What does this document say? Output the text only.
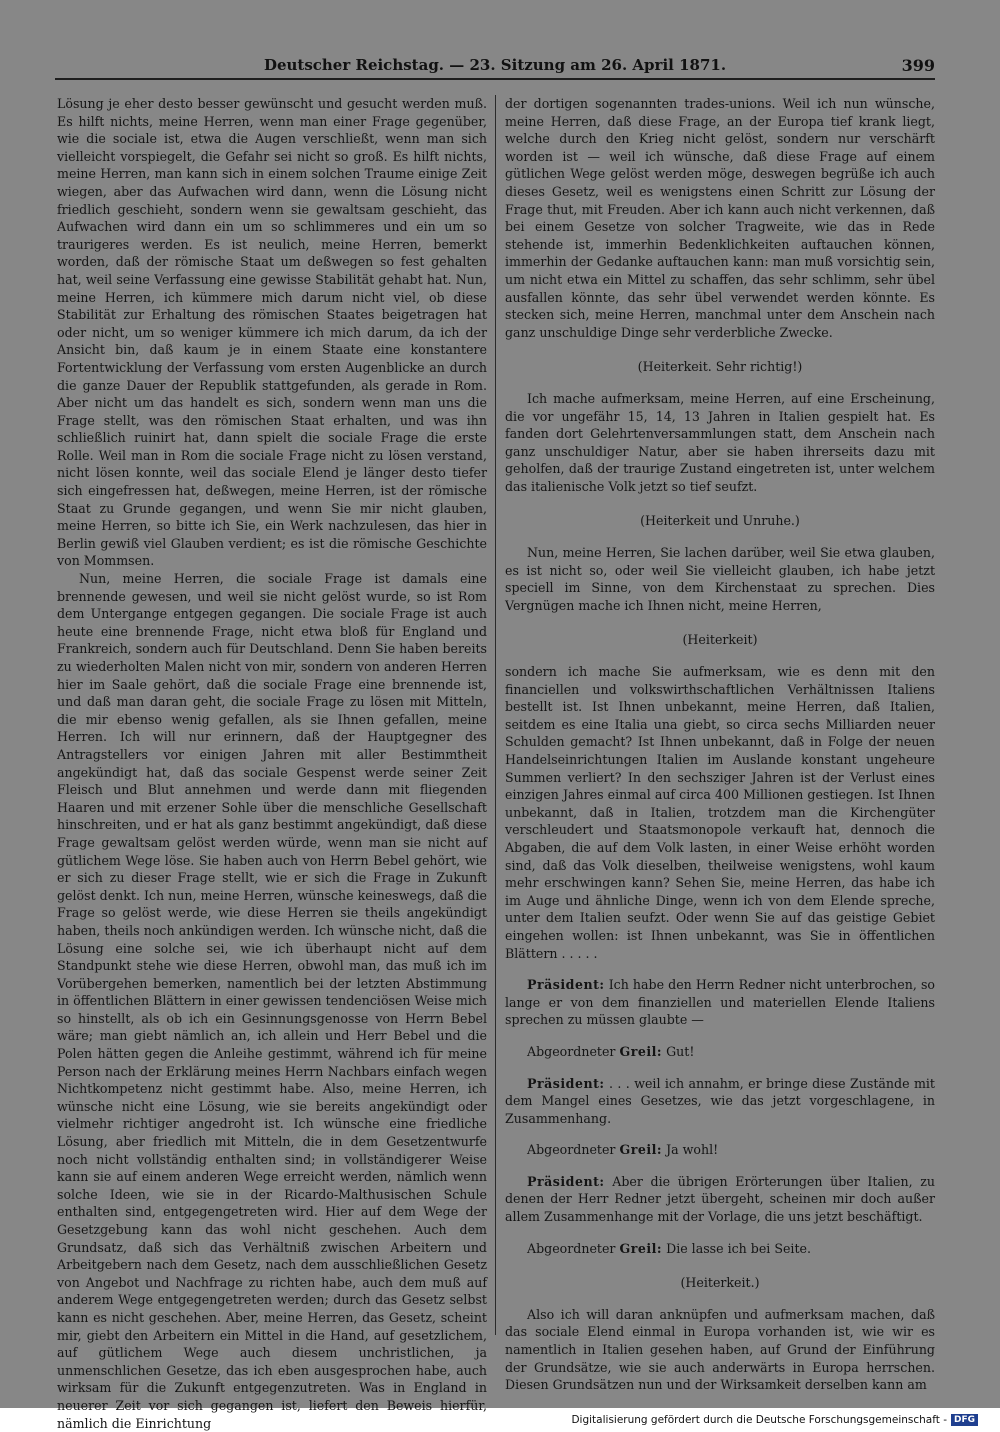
Deutscher Reichstag. — 23. Sitzung am 26. April 1871.	399

Lösung je eher desto besser gewünscht und gesucht werden muß. Es hilft nichts, meine Herren, wenn man einer Frage gegenüber, wie die sociale ist, etwa die Augen verschließt, wenn man sich vielleicht vorspiegelt, die Gefahr sei nicht so groß. Es hilft nichts, meine Herren, man kann sich in einem solchen Traume einige Zeit wiegen, aber das Aufwachen wird dann, wenn die Lösung nicht friedlich geschieht, sondern wenn sie gewaltsam geschieht, das Aufwachen wird dann ein um so schlimmeres und ein um so traurigeres werden. Es ist neulich, meine Herren, bemerkt worden, daß der römische Staat um deßwegen so fest gehalten hat, weil seine Verfassung eine gewisse Stabilität gehabt hat. Nun, meine Herren, ich kümmere mich darum nicht viel, ob diese Stabilität zur Erhaltung des römischen Staates beigetragen hat oder nicht, um so weniger kümmere ich mich darum, da ich der Ansicht bin, daß kaum je in einem Staate eine konstantere Fortentwicklung der Verfassung vom ersten Augenblicke an durch die ganze Dauer der Republik stattgefunden, als gerade in Rom. Aber nicht um das handelt es sich, sondern wenn man uns die Frage stellt, was den römischen Staat erhalten, und was ihn schließlich ruinirt hat, dann spielt die sociale Frage die erste Rolle. Weil man in Rom die sociale Frage nicht zu lösen verstand, nicht lösen konnte, weil das sociale Elend je länger desto tiefer sich eingefressen hat, deßwegen, meine Herren, ist der römische Staat zu Grunde gegangen, und wenn Sie mir nicht glauben, meine Herren, so bitte ich Sie, ein Werk nachzulesen, das hier in Berlin gewiß viel Glauben verdient; es ist die römische Geschichte von Mommsen.

Nun, meine Herren, die sociale Frage ist damals eine brennende gewesen, und weil sie nicht gelöst wurde, so ist Rom dem Untergange entgegen gegangen. Die sociale Frage ist auch heute eine brennende Frage, nicht etwa bloß für England und Frankreich, sondern auch für Deutschland. Denn Sie haben bereits zu wiederholten Malen nicht von mir, sondern von anderen Herren hier im Saale gehört, daß die sociale Frage eine brennende ist, und daß man daran geht, die sociale Frage zu lösen mit Mitteln, die mir ebenso wenig gefallen, als sie Ihnen gefallen, meine Herren. Ich will nur erinnern, daß der Hauptgegner des Antragstellers vor einigen Jahren mit aller Bestimmtheit angekündigt hat, daß das sociale Gespenst werde seiner Zeit Fleisch und Blut annehmen und werde dann mit fliegenden Haaren und mit erzener Sohle über die menschliche Gesellschaft hinschreiten, und er hat als ganz bestimmt angekündigt, daß diese Frage gewaltsam gelöst werden würde, wenn man sie nicht auf gütlichem Wege löse. Sie haben auch von Herrn Bebel gehört, wie er sich zu dieser Frage stellt, wie er sich die Frage in Zukunft gelöst denkt. Ich nun, meine Herren, wünsche keineswegs, daß die Frage so gelöst werde, wie diese Herren sie theils angekündigt haben, theils noch ankündigen werden. Ich wünsche nicht, daß die Lösung eine solche sei, wie ich überhaupt nicht auf dem Standpunkt stehe wie diese Herren, obwohl man, das muß ich im Vorübergehen bemerken, namentlich bei der letzten Abstimmung in öffentlichen Blättern in einer gewissen tendenciösen Weise mich so hinstellt, als ob ich ein Gesinnungsgenosse von Herrn Bebel wäre; man giebt nämlich an, ich allein und Herr Bebel und die Polen hätten gegen die Anleihe gestimmt, während ich für meine Person nach der Erklärung meines Herrn Nachbars einfach wegen Nichtkompetenz nicht gestimmt habe. Also, meine Herren, ich wünsche nicht eine Lösung, wie sie bereits angekündigt oder vielmehr richtiger angedroht ist. Ich wünsche eine friedliche Lösung, aber friedlich mit Mitteln, die in dem Gesetzentwurfe noch nicht vollständig enthalten sind; in vollständigerer Weise kann sie auf einem anderen Wege erreicht werden, nämlich wenn solche Ideen, wie sie in der Ricardo-Malthusischen Schule enthalten sind, entgegengetreten wird. Hier auf dem Wege der Gesetzgebung kann das wohl nicht geschehen. Auch dem Grundsatz, daß sich das Verhältniß zwischen Arbeitern und Arbeitgebern nach dem Gesetz, nach dem ausschließlichen Gesetz von Angebot und Nachfrage zu richten habe, auch dem muß auf anderem Wege entgegengetreten werden; durch das Gesetz selbst kann es nicht geschehen. Aber, meine Herren, das Gesetz, scheint mir, giebt den Arbeitern ein Mittel in die Hand, auf gesetzlichem, auf gütlichem Wege auch diesem unchristlichen, ja unmenschlichen Gesetze, das ich eben ausgesprochen habe, auch wirksam für die Zukunft entgegenzutreten. Was in England in neuerer Zeit vor sich gegangen ist, liefert den Beweis hierfür, nämlich die Einrichtung

der dortigen sogenannten trades-unions. Weil ich nun wünsche, meine Herren, daß diese Frage, an der Europa tief krank liegt, welche durch den Krieg nicht gelöst, sondern nur verschärft worden ist — weil ich wünsche, daß diese Frage auf einem gütlichen Wege gelöst werden möge, deswegen begrüße ich auch dieses Gesetz, weil es wenigstens einen Schritt zur Lösung der Frage thut, mit Freuden. Aber ich kann auch nicht verkennen, daß bei einem Gesetze von solcher Tragweite, wie das in Rede stehende ist, immerhin Bedenklichkeiten auftauchen können, immerhin der Gedanke auftauchen kann: man muß vorsichtig sein, um nicht etwa ein Mittel zu schaffen, das sehr schlimm, sehr übel ausfallen könnte, das sehr übel verwendet werden könnte. Es stecken sich, meine Herren, manchmal unter dem Anschein nach ganz unschuldige Dinge sehr verderbliche Zwecke.

(Heiterkeit. Sehr richtig!)

Ich mache aufmerksam, meine Herren, auf eine Erscheinung, die vor ungefähr 15, 14, 13 Jahren in Italien gespielt hat. Es fanden dort Gelehrtenversammlungen statt, dem Anschein nach ganz unschuldiger Natur, aber sie haben ihrerseits dazu mit geholfen, daß der traurige Zustand eingetreten ist, unter welchem das italienische Volk jetzt so tief seufzt.

(Heiterkeit und Unruhe.)

Nun, meine Herren, Sie lachen darüber, weil Sie etwa glauben, es ist nicht so, oder weil Sie vielleicht glauben, ich habe jetzt speciell im Sinne, von dem Kirchenstaat zu sprechen. Dies Vergnügen mache ich Ihnen nicht, meine Herren,

(Heiterkeit)

sondern ich mache Sie aufmerksam, wie es denn mit den financiellen und volkswirthschaftlichen Verhältnissen Italiens bestellt ist. Ist Ihnen unbekannt, meine Herren, daß Italien, seitdem es eine Italia una giebt, so circa sechs Milliarden neuer Schulden gemacht? Ist Ihnen unbekannt, daß in Folge der neuen Handelseinrichtungen Italien im Auslande konstant ungeheure Summen verliert? In den sechsziger Jahren ist der Verlust eines einzigen Jahres einmal auf circa 400 Millionen gestiegen. Ist Ihnen unbekannt, daß in Italien, trotzdem man die Kirchengüter verschleudert und Staatsmonopole verkauft hat, dennoch die Abgaben, die auf dem Volk lasten, in einer Weise erhöht worden sind, daß das Volk dieselben, theilweise wenigstens, wohl kaum mehr erschwingen kann? Sehen Sie, meine Herren, das habe ich im Auge und ähnliche Dinge, wenn ich von dem Elende spreche, unter dem Italien seufzt. Oder wenn Sie auf das geistige Gebiet eingehen wollen: ist Ihnen unbekannt, was Sie in öffentlichen Blättern . . . . .

Präsident: Ich habe den Herrn Redner nicht unterbrochen, so lange er von dem finanziellen und materiellen Elende Italiens sprechen zu müssen glaubte —

Abgeordneter Greil: Gut!

Präsident: . . . weil ich annahm, er bringe diese Zustände mit dem Mangel eines Gesetzes, wie das jetzt vorgeschlagene, in Zusammenhang.

Abgeordneter Greil: Ja wohl!

Präsident: Aber die übrigen Erörterungen über Italien, zu denen der Herr Redner jetzt übergeht, scheinen mir doch außer allem Zusammenhange mit der Vorlage, die uns jetzt beschäftigt.

Abgeordneter Greil: Die lasse ich bei Seite.

(Heiterkeit.)

Also ich will daran anknüpfen und aufmerksam machen, daß das sociale Elend einmal in Europa vorhanden ist, wie wir es namentlich in Italien gesehen haben, auf Grund der Einführung der Grundsätze, wie sie auch anderwärts in Europa herrschen. Diesen Grundsätzen nun und der Wirksamkeit derselben kann am

Digitalisierung gefördert durch die Deutsche Forschungsgemeinschaft - DFG
